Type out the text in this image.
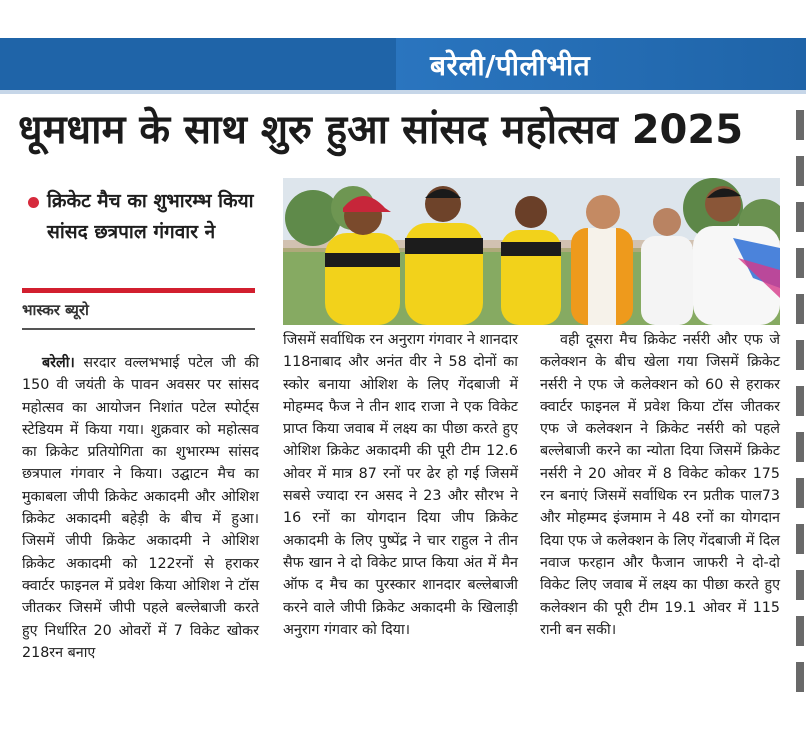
बरेली/पीलीभीत
धूमधाम के साथ शुरु हुआ सांसद महोत्सव 2025
क्रिकेट मैच का शुभारम्भ किया सांसद छत्रपाल गंगवार ने
भास्कर ब्यूरो
बरेली। सरदार वल्लभभाई पटेल जी की 150 वी जयंती के पावन अवसर पर सांसद महोत्सव का आयोजन निशांत पटेल स्पोर्ट्स स्टेडियम में किया गया। शुक्रवार को महोत्सव का क्रिकेट प्रतियोगिता का शुभारम्भ सांसद छत्रपाल गंगवार ने किया। उद्घाटन मैच का मुकाबला जीपी क्रिकेट अकादमी और ओशिश क्रिकेट अकादमी बहेड़ी के बीच में हुआ। जिसमें जीपी क्रिकेट अकादमी ने ओशिश क्रिकेट अकादमी को 122रनों से हराकर क्वार्टर फाइनल में प्रवेश किया ओशिश ने टॉस जीतकर जिसमें जीपी पहले बल्लेबाजी करते हुए निर्धारित 20 ओवरों में 7 विकेट खोकर 218रन बनाए
जिसमें सर्वाधिक रन अनुराग गंगवार ने शानदार 118नाबाद और अनंत वीर ने 58 दोनों का स्कोर बनाया ओशिश के लिए गेंदबाजी में मोहम्मद फैज ने तीन शाद राजा ने एक विकेट प्राप्त किया जवाब में लक्ष्य का पीछा करते हुए ओशिश क्रिकेट अकादमी की पूरी टीम 12.6 ओवर में मात्र 87 रनों पर ढेर हो गई जिसमें सबसे ज्यादा रन असद ने 23 और सौरभ ने 16 रनों का योगदान दिया जीप क्रिकेट अकादमी के लिए पुष्पेंद्र ने चार राहुल ने तीन सैफ खान ने दो विकेट प्राप्त किया अंत में मैन ऑफ द मैच का पुरस्कार शानदार बल्लेबाजी करने वाले जीपी क्रिकेट अकादमी के खिलाड़ी अनुराग गंगवार को दिया।
वही दूसरा मैच क्रिकेट नर्सरी और एफ जे कलेक्शन के बीच खेला गया जिसमें क्रिकेट नर्सरी ने एफ जे कलेक्शन को 60 से हराकर क्वार्टर फाइनल में प्रवेश किया टॉस जीतकर एफ जे कलेक्शन ने क्रिकेट नर्सरी को पहले बल्लेबाजी करने का न्योता दिया जिसमें क्रिकेट नर्सरी ने 20 ओवर में 8 विकेट कोकर 175 रन बनाएं जिसमें सर्वाधिक रन प्रतीक पाल73 और मोहम्मद इंजमाम ने 48 रनों का योगदान दिया एफ जे कलेक्शन के लिए गेंदबाजी में दिल नवाज फरहान और फैजान जाफरी ने दो-दो विकेट लिए जवाब में लक्ष्य का पीछा करते हुए कलेक्शन की पूरी टीम 19.1 ओवर में 115 रानी बन सकी।
